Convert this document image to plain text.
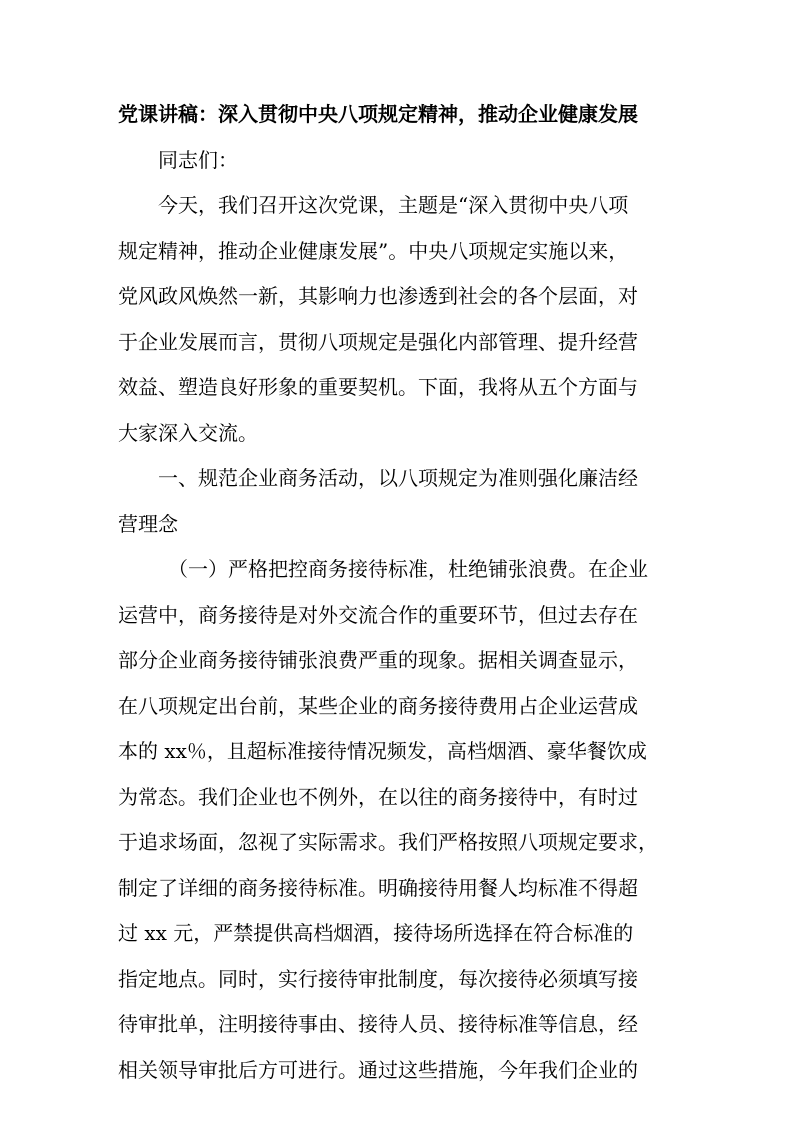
党课讲稿：深入贯彻中央八项规定精神，推动企业健康发展
同志们：
今天，我们召开这次党课，主题是“深入贯彻中央八项
规定精神，推动企业健康发展”。中央八项规定实施以来，
党风政风焕然一新，其影响力也渗透到社会的各个层面，对
于企业发展而言，贯彻八项规定是强化内部管理、提升经营
效益、塑造良好形象的重要契机。下面，我将从五个方面与
大家深入交流。
一、规范企业商务活动，以八项规定为准则强化廉洁经
营理念
（一）严格把控商务接待标准，杜绝铺张浪费。在企业
运营中，商务接待是对外交流合作的重要环节，但过去存在
部分企业商务接待铺张浪费严重的现象。据相关调查显示，
在八项规定出台前，某些企业的商务接待费用占企业运营成
本的 xx％，且超标准接待情况频发，高档烟酒、豪华餐饮成
为常态。我们企业也不例外，在以往的商务接待中，有时过
于追求场面，忽视了实际需求。我们严格按照八项规定要求，
制定了详细的商务接待标准。明确接待用餐人均标准不得超
过 xx 元，严禁提供高档烟酒，接待场所选择在符合标准的
指定地点。同时，实行接待审批制度，每次接待必须填写接
待审批单，注明接待事由、接待人员、接待标准等信息，经
相关领导审批后方可进行。通过这些措施，今年我们企业的
